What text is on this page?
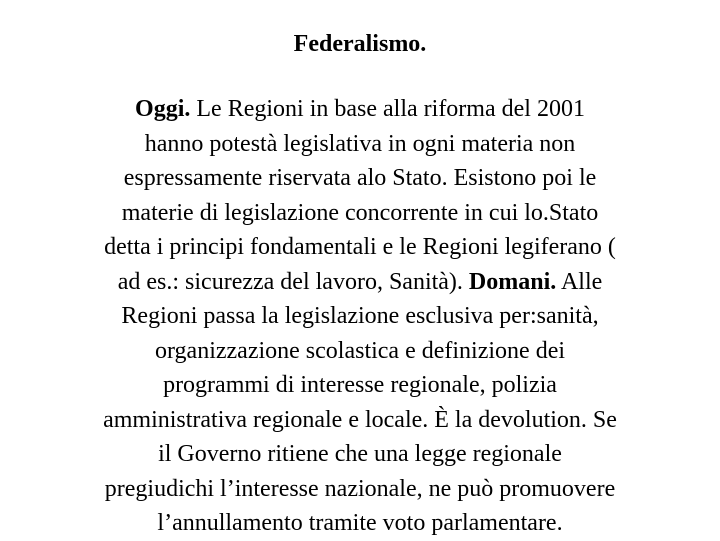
Federalismo.
Oggi. Le Regioni in base alla riforma del 2001
hanno potestà legislativa in ogni materia non
espressamente riservata alo Stato. Esistono poi le
materie di legislazione concorrente in cui lo.Stato
detta i principi fondamentali e le Regioni legiferano (
ad es.: sicurezza del lavoro, Sanità). Domani. Alle
Regioni passa la legislazione esclusiva per:sanità,
organizzazione scolastica e definizione dei
programmi di interesse regionale, polizia
amministrativa regionale e locale. È la devolution. Se
il Governo ritiene che una legge regionale
pregiudichi l’interesse nazionale, ne può promuovere
l’annullamento tramite voto parlamentare.
